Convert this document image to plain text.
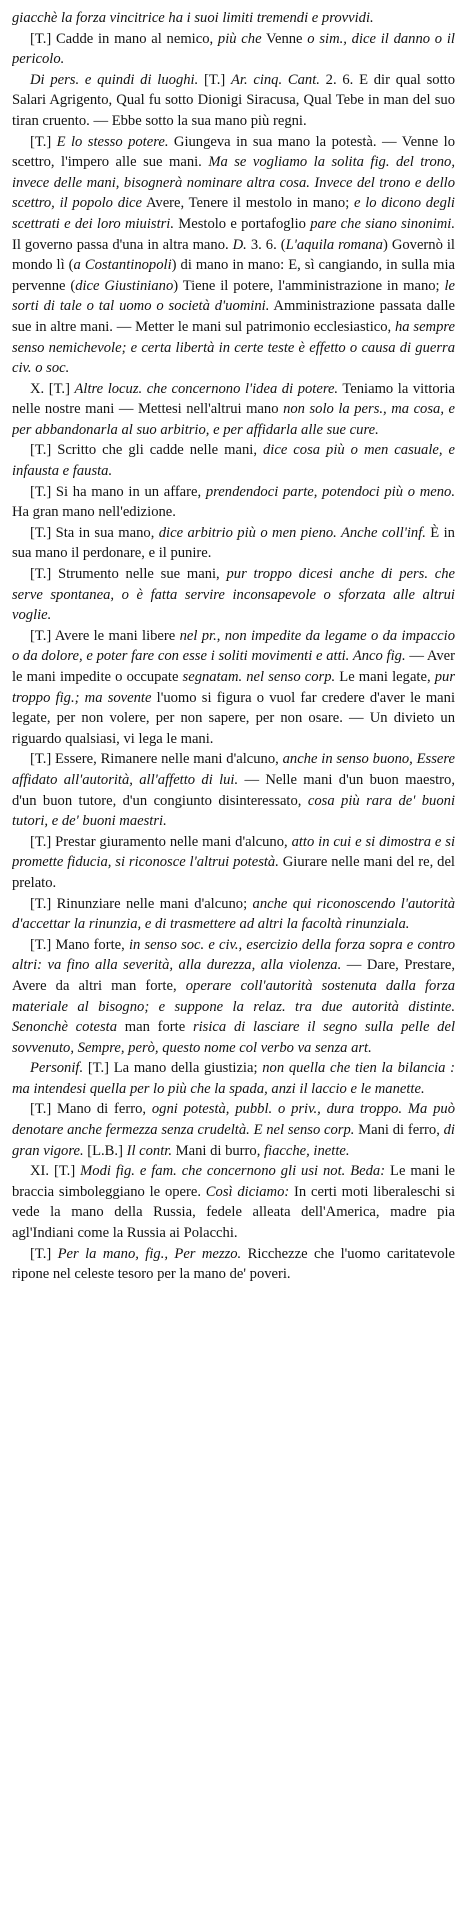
giacchè la forza vincitrice ha i suoi limiti tremendi e provvidi.

[T.] Cadde in mano al nemico, più che Venne o sim., dice il danno o il pericolo.

Di pers. e quindi di luoghi. [T.] Ar. cinq. Cant. 2. 6. E dir qual sotto Salari Agrigento, Qual fu sotto Dionigi Siracusa, Qual Tebe in man del suo tiran cruento. — Ebbe sotto la sua mano più regni.

[T.] E lo stesso potere. Giungeva in sua mano la potestà. — Venne lo scettro, l'impero alle sue mani. Ma se vogliamo la solita fig. del trono, invece delle mani, bisognerà nominare altra cosa. Invece del trono e dello scettro, il popolo dice Avere, Tenere il mestolo in mano; e lo dicono degli scettrati e dei loro miuistri. Mestolo e portafoglio pare che siano sinonimi. Il governo passa d'una in altra mano. D. 3. 6. (L'aquila romana) Governò il mondo lì (a Costantinopoli) di mano in mano: E, sì cangiando, in sulla mia pervenne (dice Giustiniano) Tiene il potere, l'amministrazione in mano; le sorti di tale o tal uomo o società d'uomini. Amministrazione passata dalle sue in altre mani. — Metter le mani sul patrimonio ecclesiastico, ha sempre senso nemichevole; e certa libertà in certe teste è effetto o causa di guerra civ. o soc.

X. [T.] Altre locuz. che concernono l'idea di potere. Teniamo la vittoria nelle nostre mani — Mettesi nell'altrui mano non solo la pers., ma cosa, e per abbandonarla al suo arbitrio, e per affidarla alle sue cure.

[T.] Scritto che gli cadde nelle mani, dice cosa più o men casuale, e infausta e fausta.

[T.] Si ha mano in un affare, prendendoci parte, potendoci più o meno. Ha gran mano nell'edizione.

[T.] Sta in sua mano, dice arbitrio più o men pieno. Anche coll'inf. È in sua mano il perdonare, e il punire.

[T.] Strumento nelle sue mani, pur troppo dicesi anche di pers. che serve spontanea, o è fatta servire inconsapevole o sforzata alle altrui voglie.

[T.] Avere le mani libere nel pr., non impedite da legame o da impaccio o da dolore, e poter fare con esse i soliti movimenti e atti. Anco fig. — Aver le mani impedite o occupate segnatam. nel senso corp. Le mani legate, pur troppo fig.; ma sovente l'uomo si figura o vuol far credere d'aver le mani legate, per non volere, per non sapere, per non osare. — Un divieto un riguardo qualsiasi, vi lega le mani.

[T.] Essere, Rimanere nelle mani d'alcuno, anche in senso buono, Essere affidato all'autorità, all'affetto di lui. — Nelle mani d'un buon maestro, d'un buon tutore, d'un congiunto disinteressato, cosa più rara de' buoni tutori, e de' buoni maestri.

[T.] Prestar giuramento nelle mani d'alcuno, atto in cui e si dimostra e si promette fiducia, si riconosce l'altrui potestà. Giurare nelle mani del re, del prelato.

[T.] Rinunziare nelle mani d'alcuno; anche qui riconoscendo l'autorità d'accettar la rinunzia, e di trasmettere ad altri la facoltà rinunziala.

[T.] Mano forte, in senso soc. e civ., esercizio della forza sopra e contro altri: va fino alla severità, alla durezza, alla violenza. — Dare, Prestare, Avere da altri man forte, operare coll'autorità sostenuta dalla forza materiale al bisogno; e suppone la relaz. tra due autorità distinte. Senonchè cotesta man forte risica di lasciare il segno sulla pelle del sovvenuto, Sempre, però, questo nome col verbo va senza art.

Personif. [T.] La mano della giustizia; non quella che tien la bilancia : ma intendesi quella per lo più che la spada, anzi il laccio e le manette.

[T.] Mano di ferro, ogni potestà, pubbl. o priv., dura troppo. Ma può denotare anche fermezza senza crudeltà. E nel senso corp. Mani di ferro, di gran vigore. [L.B.] Il contr. Mani di burro, fiacche, inette.

XI. [T.] Modi fig. e fam. che concernono gli usi not. Beda: Le mani le braccia simboleggiano le opere. Così diciamo: In certi moti liberaleschi si vede la mano della Russia, fedele alleata dell'America, madre pia agl'Indiani come la Russia ai Polacchi.

[T.] Per la mano, fig., Per mezzo. Ricchezze che l'uomo caritatevole ripone nel celeste tesoro per la mano de' poveri.
